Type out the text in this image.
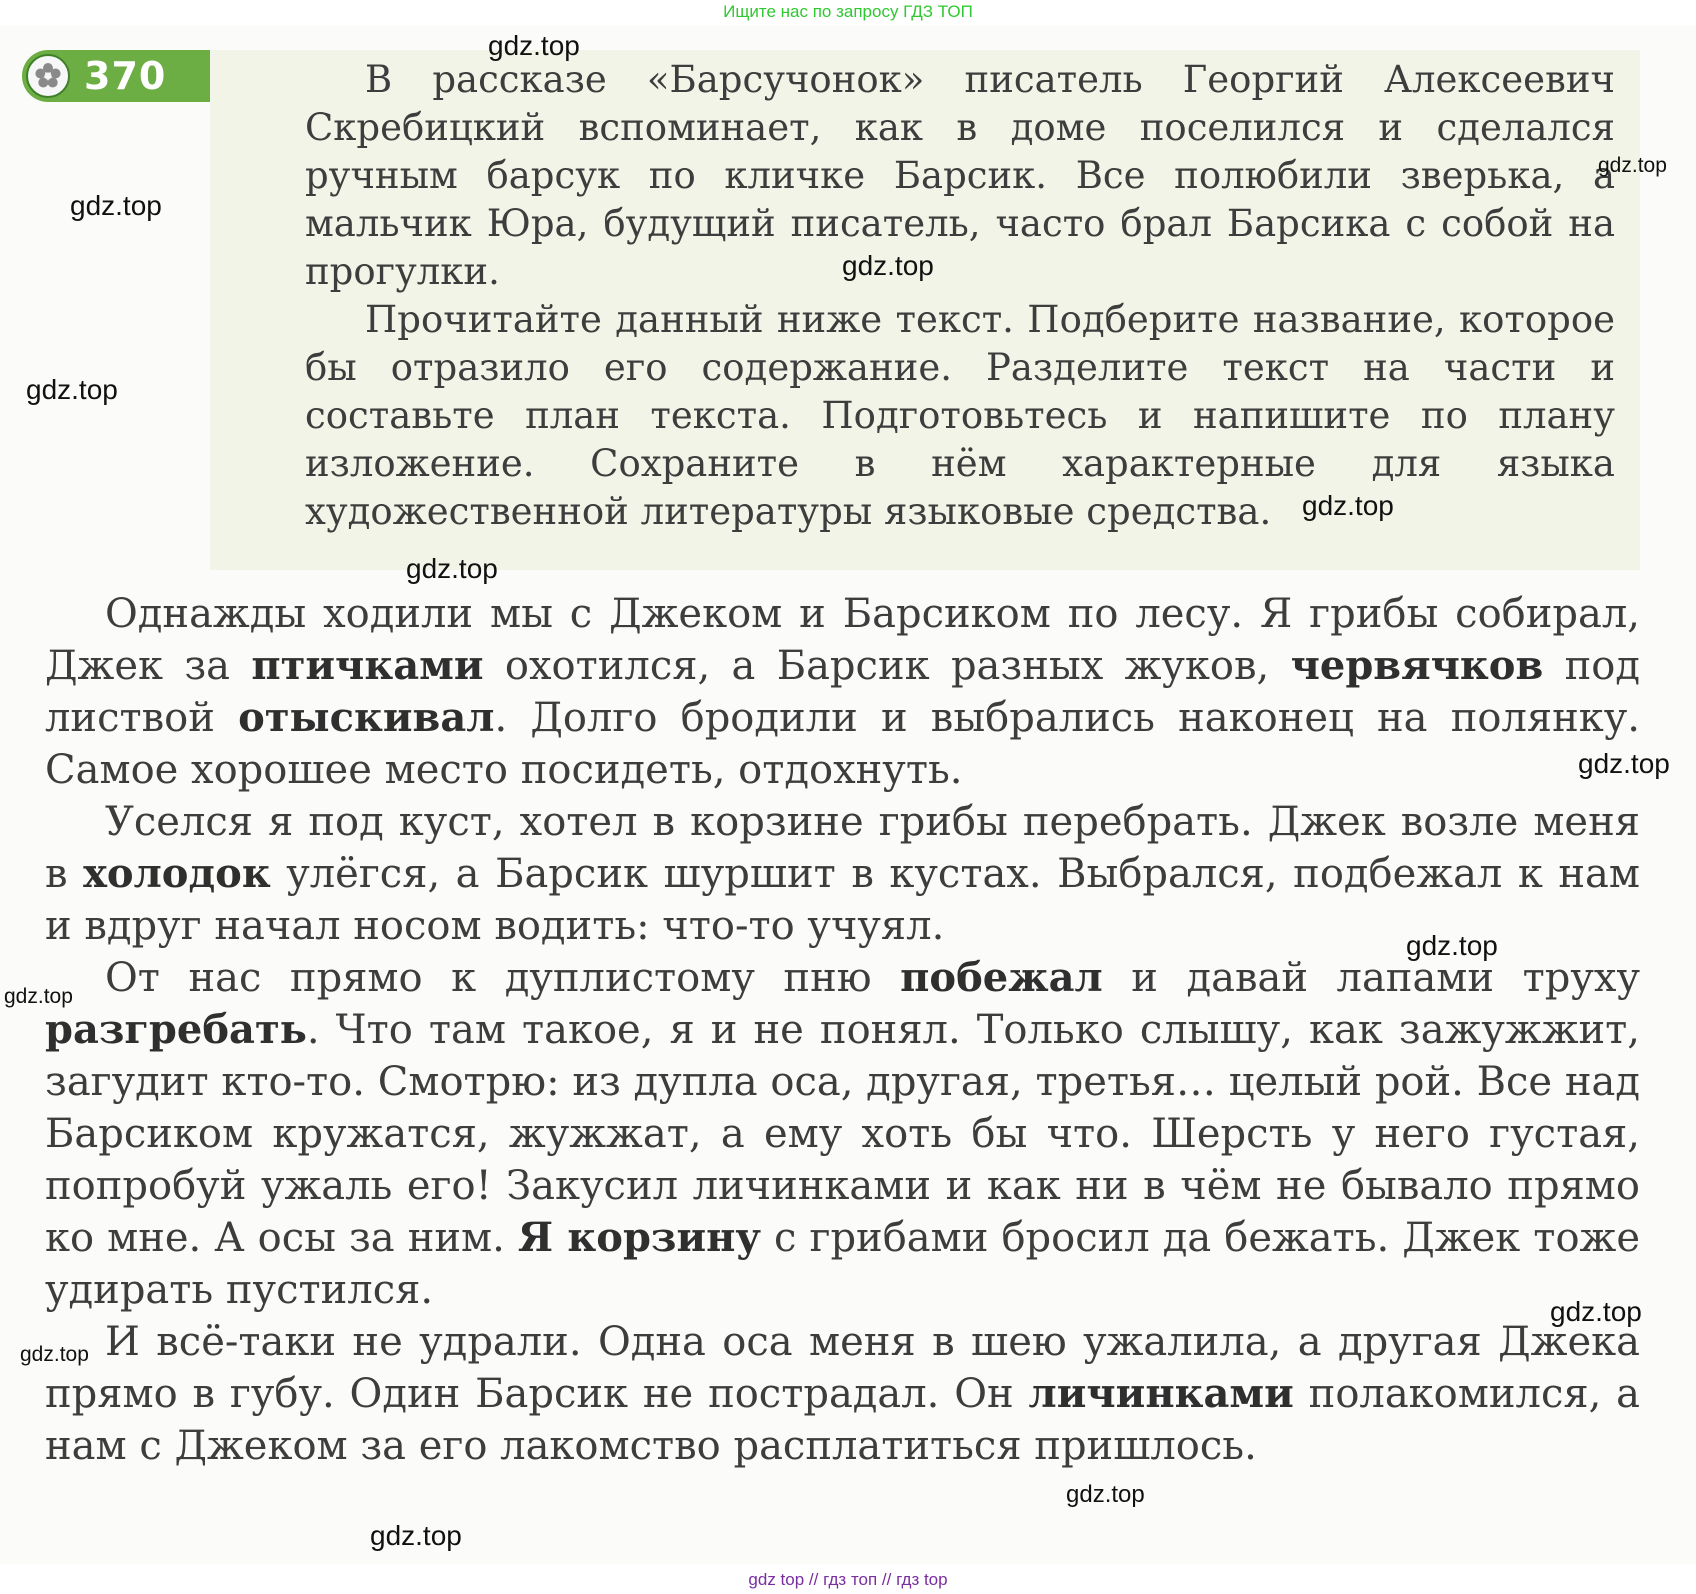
Ищите нас по запросу ГДЗ ТОП
370	В рассказе «Барсучонок» писатель Георгий Алексеевич Скребицкий вспоминает, как в доме поселился и сделался ручным барсук по кличке Барсик. Все полюбили зверька, а мальчик Юра, будущий писатель, часто брал Барсика с собой на прогулки.

Прочитайте данный ниже текст. Подберите название, которое бы отразило его содержание. Разделите текст на части и составьте план текста. Подготовьтесь и напишите по плану изложение. Сохраните в нём характерные для языка художественной литературы языковые средства.

Однажды ходили мы с Джеком и Барсиком по лесу. Я грибы собирал, Джек за птичками охотился, а Барсик разных жуков, червячков под листвой отыскивал. Долго бродили и выбрались наконец на полянку. Самое хорошее место посидеть, отдохнуть.

Уселся я под куст, хотел в корзине грибы перебрать. Джек возле меня в холодок улёгся, а Барсик шуршит в кустах. Выбрался, подбежал к нам и вдруг начал носом водить: что-то учуял.

От нас прямо к дуплистому пню побежал и давай лапами труху разгребать. Что там такое, я и не понял. Только слышу, как зажужжит, загудит кто-то. Смотрю: из дупла оса, другая, третья… целый рой. Все над Барсиком кружатся, жужжат, а ему хоть бы что. Шерсть у него густая, попробуй ужаль его! Закусил личинками и как ни в чём не бывало прямо ко мне. А осы за ним. Я корзину с грибами бросил да бежать. Джек тоже удирать пустился.

И всё-таки не удрали. Одна оса меня в шею ужалила, а другая Джека прямо в губу. Один Барсик не пострадал. Он личинками полакомился, а нам с Джеком за его лакомство расплатиться пришлось.

gdz.top
gdz.top
gdz.top
gdz.top
gdz.top
gdz.top
gdz.top
gdz.top
gdz.top
gdz.top
gdz.top
gdz.top
gdz.top
gdz.top
gdz top // гдз топ // гдз top
